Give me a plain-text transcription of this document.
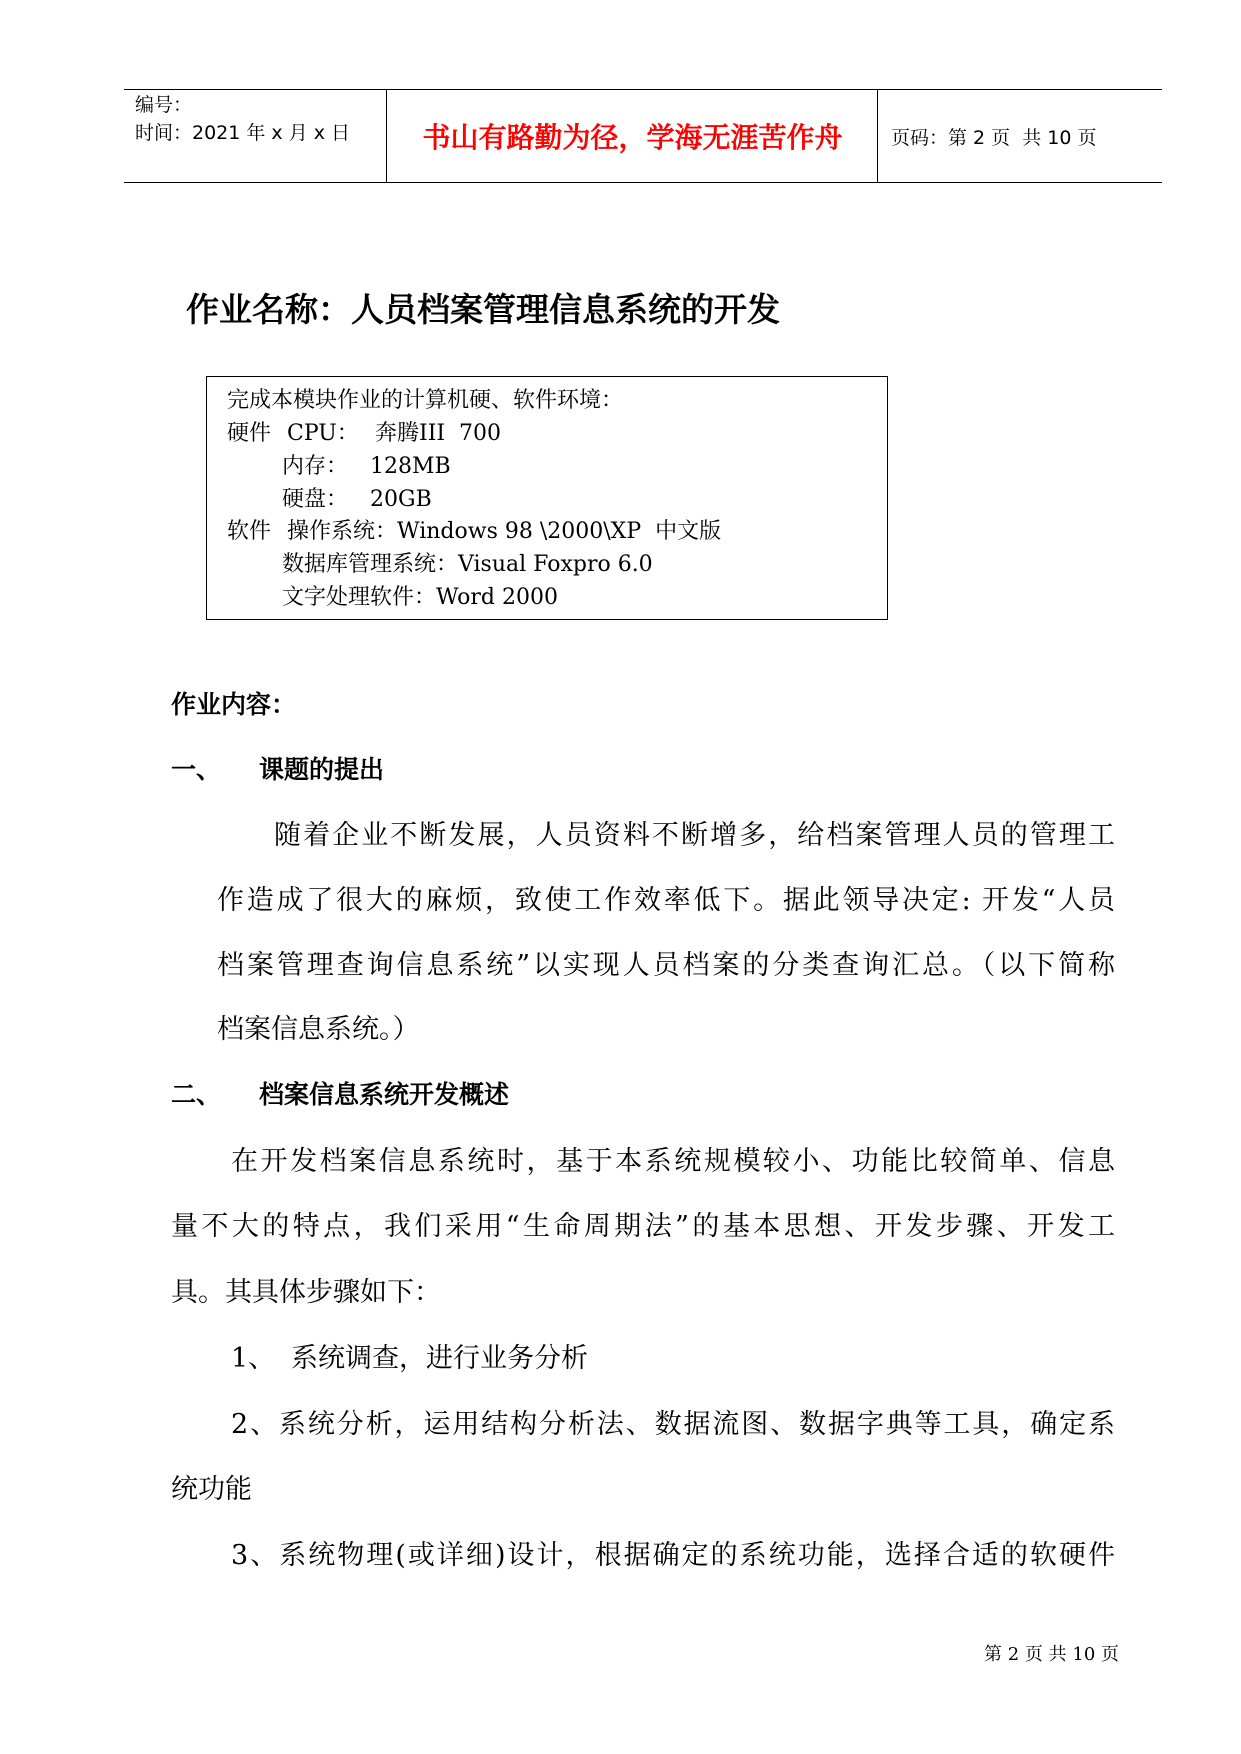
编号：
时间：2021 年 x 月 x 日	书山有路勤为径，学海无涯苦作舟	页码：第 2 页  共 10 页
作业名称：人员档案管理信息系统的开发

完成本模块作业的计算机硬、软件环境：

硬件

CPU：

奔腾III  700

内存：

128MB

硬盘：

20GB

软件

操作系统：Windows 98 \2000\XP  中文版

数据库管理系统：Visual Foxpro 6.0

文字处理软件：Word 2000

作业内容：
一、 课题的提出
随着企业不断发展，人员资料不断增多，给档案管理人员的管理工
作造成了很大的麻烦，致使工作效率低下。据此领导决定: 开发“人员
档案管理查询信息系统”以实现人员档案的分类查询汇总。（以下简称
档案信息系统。）
二、 档案信息系统开发概述
在开发档案信息系统时，基于本系统规模较小、功能比较简单、信息
量不大的特点，我们采用“生命周期法”的基本思想、开发步骤、开发工
具。其具体步骤如下：
1、 系统调查，进行业务分析
2、系统分析，运用结构分析法、数据流图、数据字典等工具，确定系
统功能
3、系统物理(或详细)设计，根据确定的系统功能，选择合适的软硬件
第 2 页 共 10 页
